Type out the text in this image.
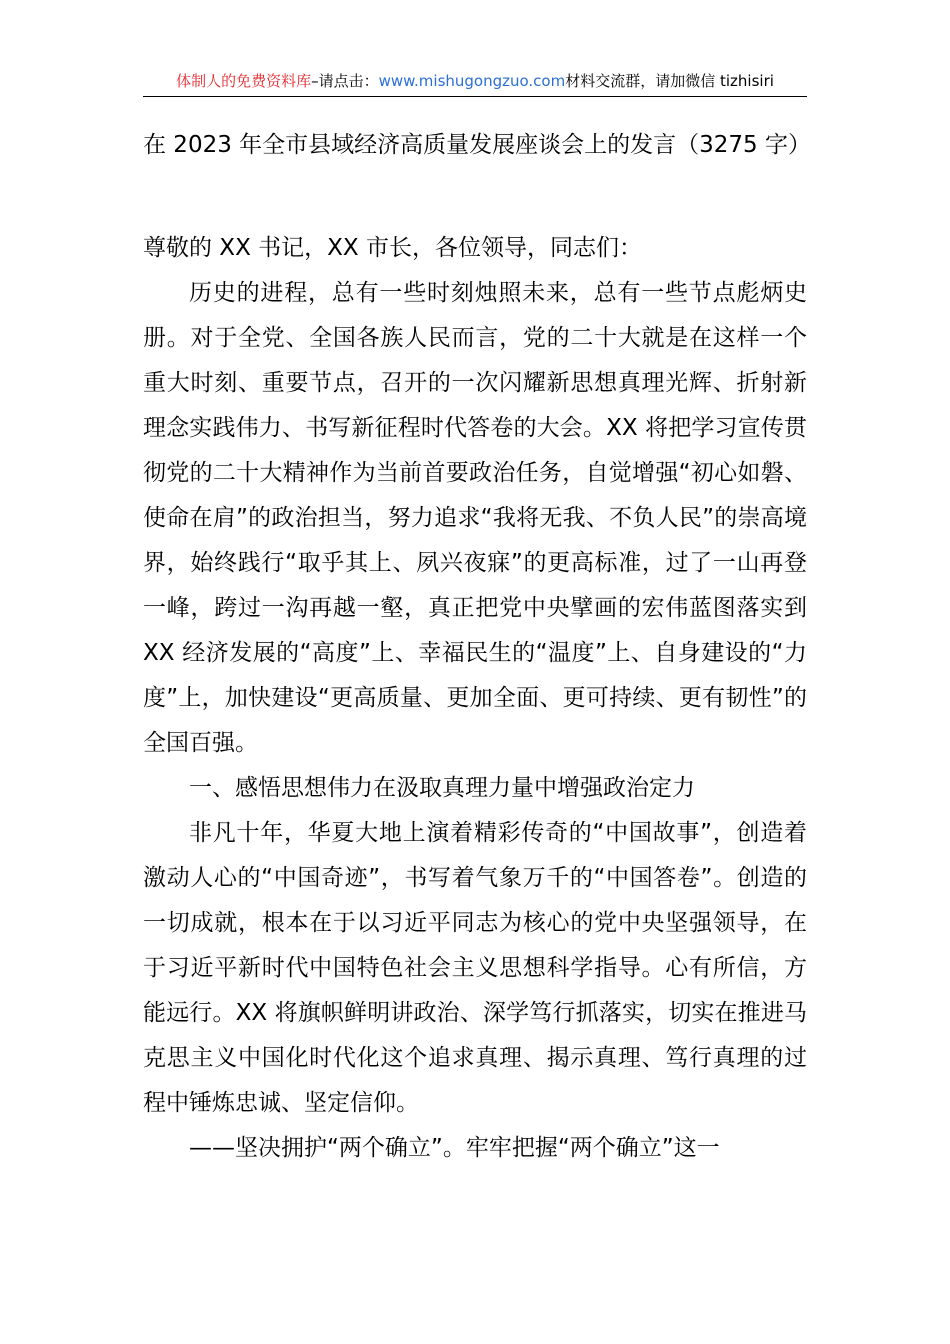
体制人的免费资料库–请点击：www.mishugongzuo.com材料交流群，请加微信 tizhisiri
在 2023 年全市县域经济高质量发展座谈会上的发言（3275 字）

尊敬的 XX 书记，XX 市长，各位领导，同志们：

历史的进程，总有一些时刻烛照未来，总有一些节点彪炳史册。对于全党、全国各族人民而言，党的二十大就是在这样一个重大时刻、重要节点，召开的一次闪耀新思想真理光辉、折射新理念实践伟力、书写新征程时代答卷的大会。XX 将把学习宣传贯彻党的二十大精神作为当前首要政治任务，自觉增强“初心如磐、使命在肩”的政治担当，努力追求“我将无我、不负人民”的崇高境界，始终践行“取乎其上、夙兴夜寐”的更高标准，过了一山再登一峰，跨过一沟再越一壑，真正把党中央擘画的宏伟蓝图落实到 XX 经济发展的“高度”上、幸福民生的“温度”上、自身建设的“力度”上，加快建设“更高质量、更加全面、更可持续、更有韧性”的全国百强。

一、感悟思想伟力在汲取真理力量中增强政治定力

非凡十年，华夏大地上演着精彩传奇的“中国故事”，创造着激动人心的“中国奇迹”，书写着气象万千的“中国答卷”。创造的一切成就，根本在于以习近平同志为核心的党中央坚强领导，在于习近平新时代中国特色社会主义思想科学指导。心有所信，方能远行。XX 将旗帜鲜明讲政治、深学笃行抓落实，切实在推进马克思主义中国化时代化这个追求真理、揭示真理、笃行真理的过程中锤炼忠诚、坚定信仰。

——坚决拥护“两个确立”。牢牢把握“两个确立”这一
